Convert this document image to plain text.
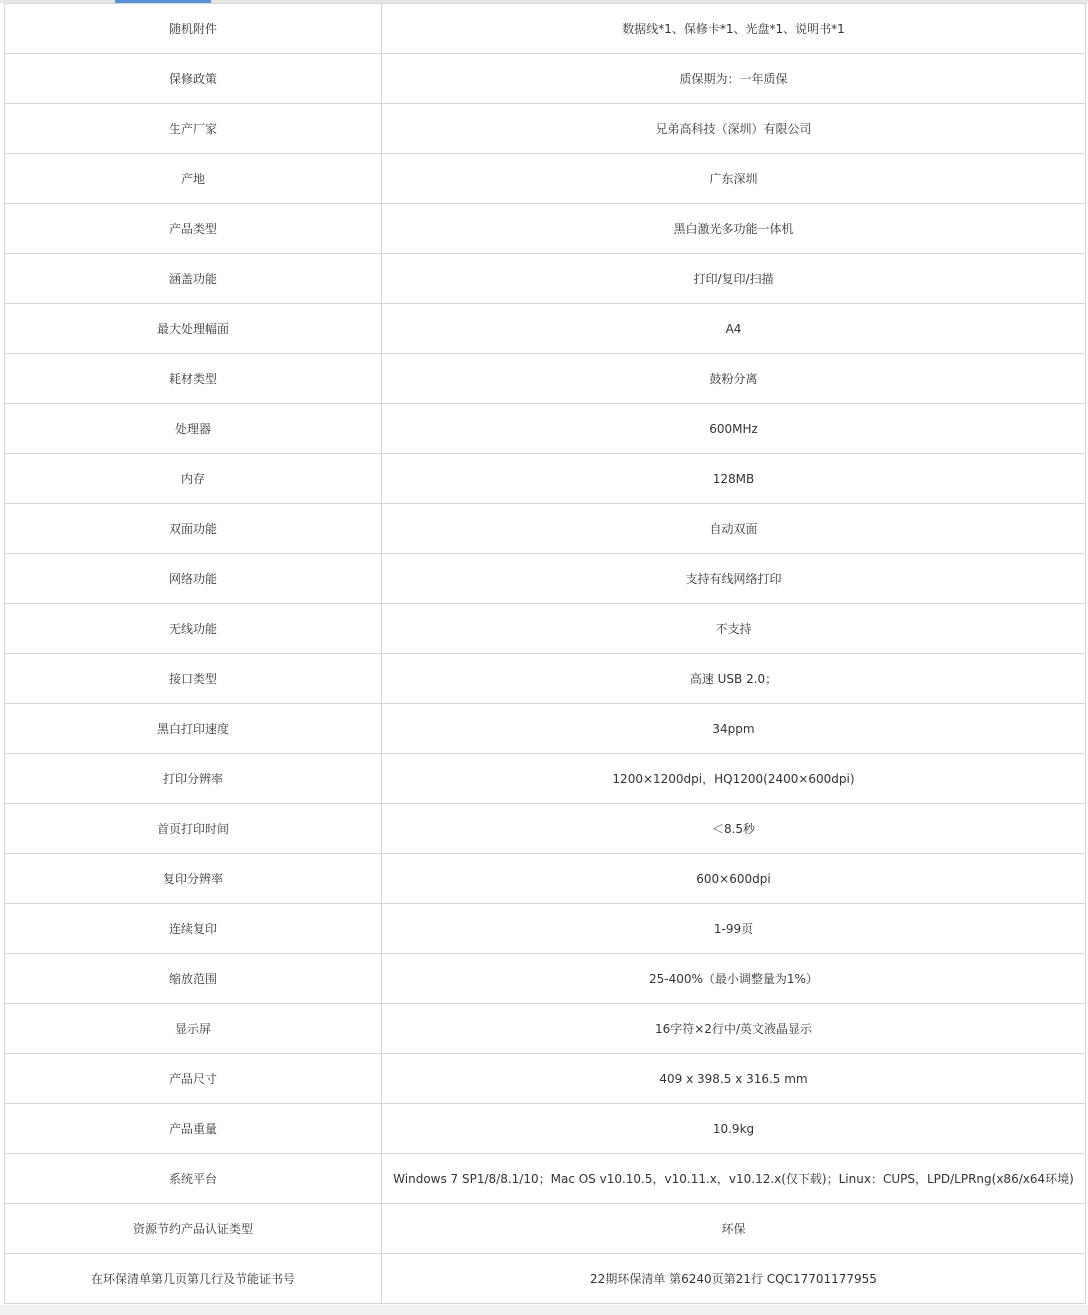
随机附件	数据线*1、保修卡*1、光盘*1、说明书*1
保修政策	质保期为：一年质保
生产厂家	兄弟高科技（深圳）有限公司
产地	广东深圳
产品类型	黑白激光多功能一体机
涵盖功能	打印/复印/扫描
最大处理幅面	A4
耗材类型	鼓粉分离
处理器	600MHz
内存	128MB
双面功能	自动双面
网络功能	支持有线网络打印
无线功能	不支持
接口类型	高速 USB 2.0；
黑白打印速度	34ppm
打印分辨率	1200×1200dpi，HQ1200(2400×600dpi)
首页打印时间	＜8.5秒
复印分辨率	600×600dpi
连续复印	1-99页
缩放范围	25-400%（最小调整量为1%）
显示屏	16字符×2行中/英文液晶显示
产品尺寸	409 x 398.5 x 316.5 mm
产品重量	10.9kg
系统平台	Windows 7 SP1/8/8.1/10；Mac OS v10.10.5，v10.11.x，v10.12.x(仅下载)；Linux：CUPS，LPD/LPRng(x86/x64环境)
资源节约产品认证类型	环保
在环保清单第几页第几行及节能证书号	22期环保清单 第6240页第21行 CQC17701177955
